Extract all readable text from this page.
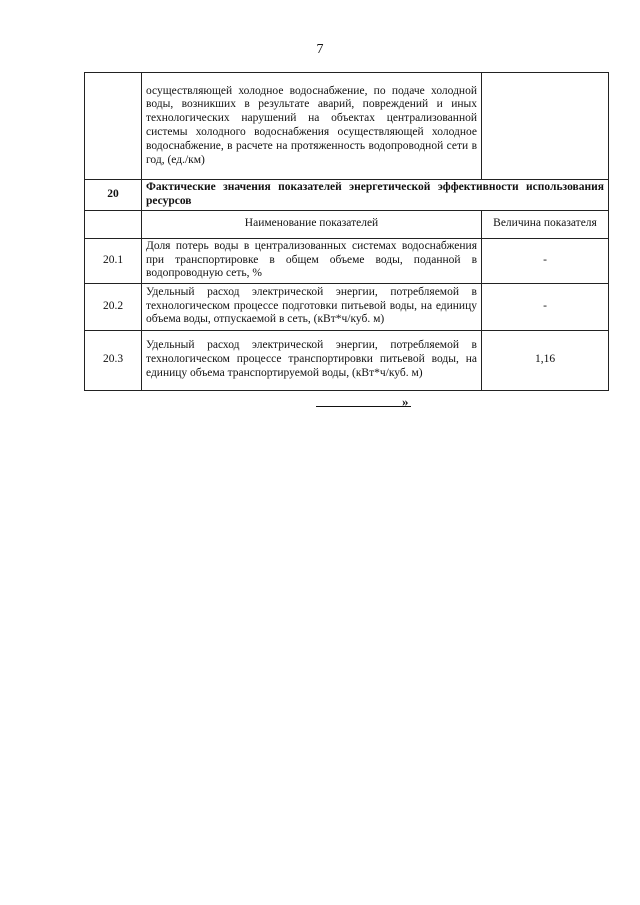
7
	осуществляющей холодное водоснабжение, по подаче холодной воды, возникших в результате аварий, повреждений и иных технологических нарушений на объектах централизованной системы холодного водоснабжения осуществляющей холодное водоснабжение, в расчете на протяженность водопроводной сети в год, (ед./км)	
20	Фактические значения показателей энергетической эффективности использования ресурсов	
	Наименование показателей	Величина показателя
20.1	Доля потерь воды в централизованных системах водоснабжения при транспортировке в общем объеме воды, поданной в водопроводную сеть, %	-
20.2	Удельный расход электрической энергии, потребляемой в технологическом процессе подготовки питьевой воды, на единицу объема воды, отпускаемой в сеть, (кВт*ч/куб. м)	-
20.3	Удельный расход электрической энергии, потребляемой в технологическом процессе транспортировки питьевой воды, на единицу объема транспортируемой воды, (кВт*ч/куб. м)	1,16
»
